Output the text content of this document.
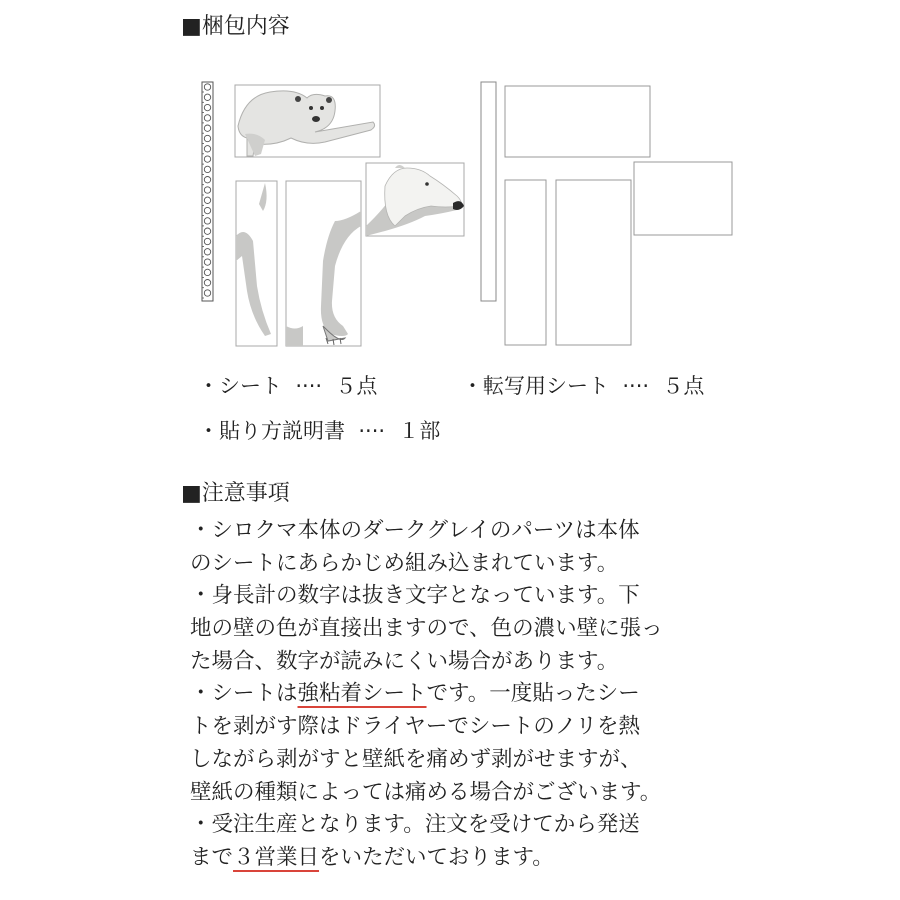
■梱包内容
・シート ···· ５点	・転写用シート ···· ５点
・貼り方説明書 ···· １部
■注意事項
・シロクマ本体のダークグレイのパーツは本体
のシートにあらかじめ組み込まれています。
・身長計の数字は抜き文字となっています。下
地の壁の色が直接出ますので、色の濃い壁に張っ
た場合、数字が読みにくい場合があります。
・シートは強粘着シートです。一度貼ったシー
トを剥がす際はドライヤーでシートのノリを熱
しながら剥がすと壁紙を痛めず剥がせますが、
壁紙の種類によっては痛める場合がございます。
・受注生産となります。注文を受けてから発送
まで３営業日をいただいております。
